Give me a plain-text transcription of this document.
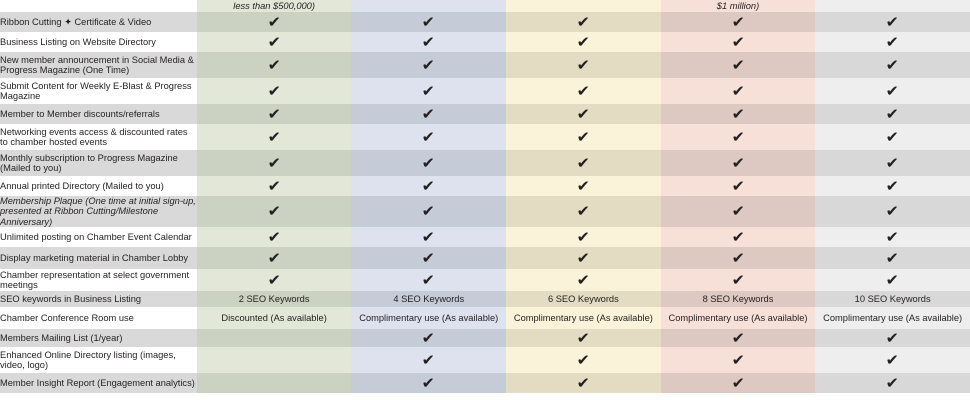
	less than $500,000)			$1 million)	
Ribbon Cutting ✦ Certificate & Video	✔	✔	✔	✔	✔
Business Listing on Website Directory	✔	✔	✔	✔	✔
New member announcement in Social Media & Progress Magazine (One Time)	✔	✔	✔	✔	✔
Submit Content for Weekly E-Blast & Progress Magazine	✔	✔	✔	✔	✔
Member to Member discounts/referrals	✔	✔	✔	✔	✔
Networking events access & discounted rates to chamber hosted events	✔	✔	✔	✔	✔
Monthly subscription to Progress Magazine (Mailed to you)	✔	✔	✔	✔	✔
Annual printed Directory (Mailed to you)	✔	✔	✔	✔	✔
Membership Plaque (One time at initial sign-up, presented at Ribbon Cutting/Milestone Anniversary)	✔	✔	✔	✔	✔
Unlimited posting on Chamber Event Calendar	✔	✔	✔	✔	✔
Display marketing material in Chamber Lobby	✔	✔	✔	✔	✔
Chamber representation at select government meetings	✔	✔	✔	✔	✔
SEO keywords in Business Listing	2 SEO Keywords	4 SEO Keywords	6 SEO Keywords	8 SEO Keywords	10 SEO Keywords

Chamber Conference Room use	Discounted (As available)	Complimentary use (As available)	Complimentary use (As available)	Complimentary use (As available)	Complimentary use (As available)

Members Mailing List (1/year)		✔	✔	✔	✔
Enhanced Online Directory listing (images, video, logo)		✔	✔	✔	✔
Member Insight Report (Engagement analytics)		✔	✔	✔	✔
